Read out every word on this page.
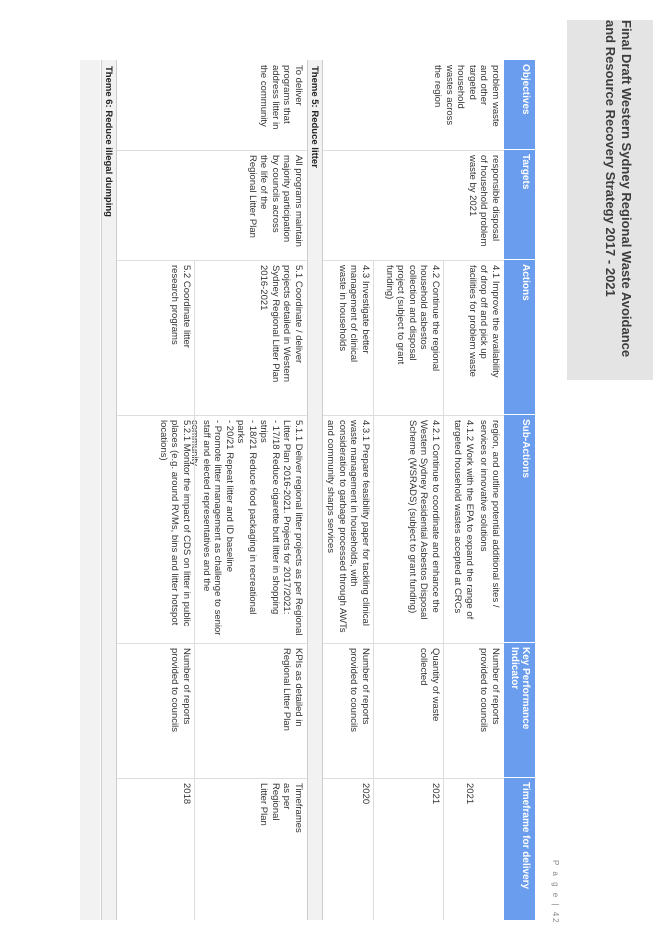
Final Draft Western Sydney Regional Waste Avoidance
and Resource Recovery Strategy 2017 - 2021
P a g e | 42
Objectives
Targets
Actions
Sub-Actions
Key Performance Indicator
Timeframe for delivery
problem waste
and other
targeted
household
wastes across
the region
responsible disposal
of household problem
waste by 2021
4.1 Improve the availability
of drop off and pick up
facilities for problem waste
region, and outline potential additional sites /
services or innovative solutions
Number of reports
provided to councils
4.1.2 Work with the EPA to expand the range of
targeted household wastes accepted at CRCs
2021
4.2 Continue the regional
household asbestos
collection and disposal
project (subject to grant
funding)
4.2.1 Continue to coordinate and enhance the
Western Sydney Residential Asbestos Disposal
Scheme (WSRADS) (subject to grant funding)
Quantity of waste
collected
2021
4.3 Investigate better
management of clinical
waste in households
4.3.1 Prepare feasibility paper for tackling clinical
waste management in households, with
consideration to garbage processed through AWTs
and community sharps services
Number of reports
provided to councils
2020
Theme 5: Reduce litter
To deliver
programs that
address litter in
the community
All programs maintain
majority participation
by councils across
the life of the
Regional Litter Plan
5.1 Coordinate / deliver
projects detailed in Western
Sydney Regional Litter Plan
2016-2021
5.1.1 Deliver regional litter projects as per Regional
Litter Plan 2016-2021. Projects for 2017/2021:
- 17/18 Reduce cigarette butt litter in shopping strips
- 18/21 Reduce food packaging in recreational parks
- 20/21 Repeat litter and ID baseline
- Promote litter management as challenge to senior
staff and elected representatives and the community
KPIs as detailed in
Regional Litter Plan
Timeframes
as per
Regional
Litter Plan
5.2 Coordinate litter
research programs
5.2.1 Monitor the impact of CDS on litter in public
places (e.g. around RVMs, bins and litter hotspot
locations)
Number of reports
provided to councils
2018
Theme 6: Reduce illegal dumping
